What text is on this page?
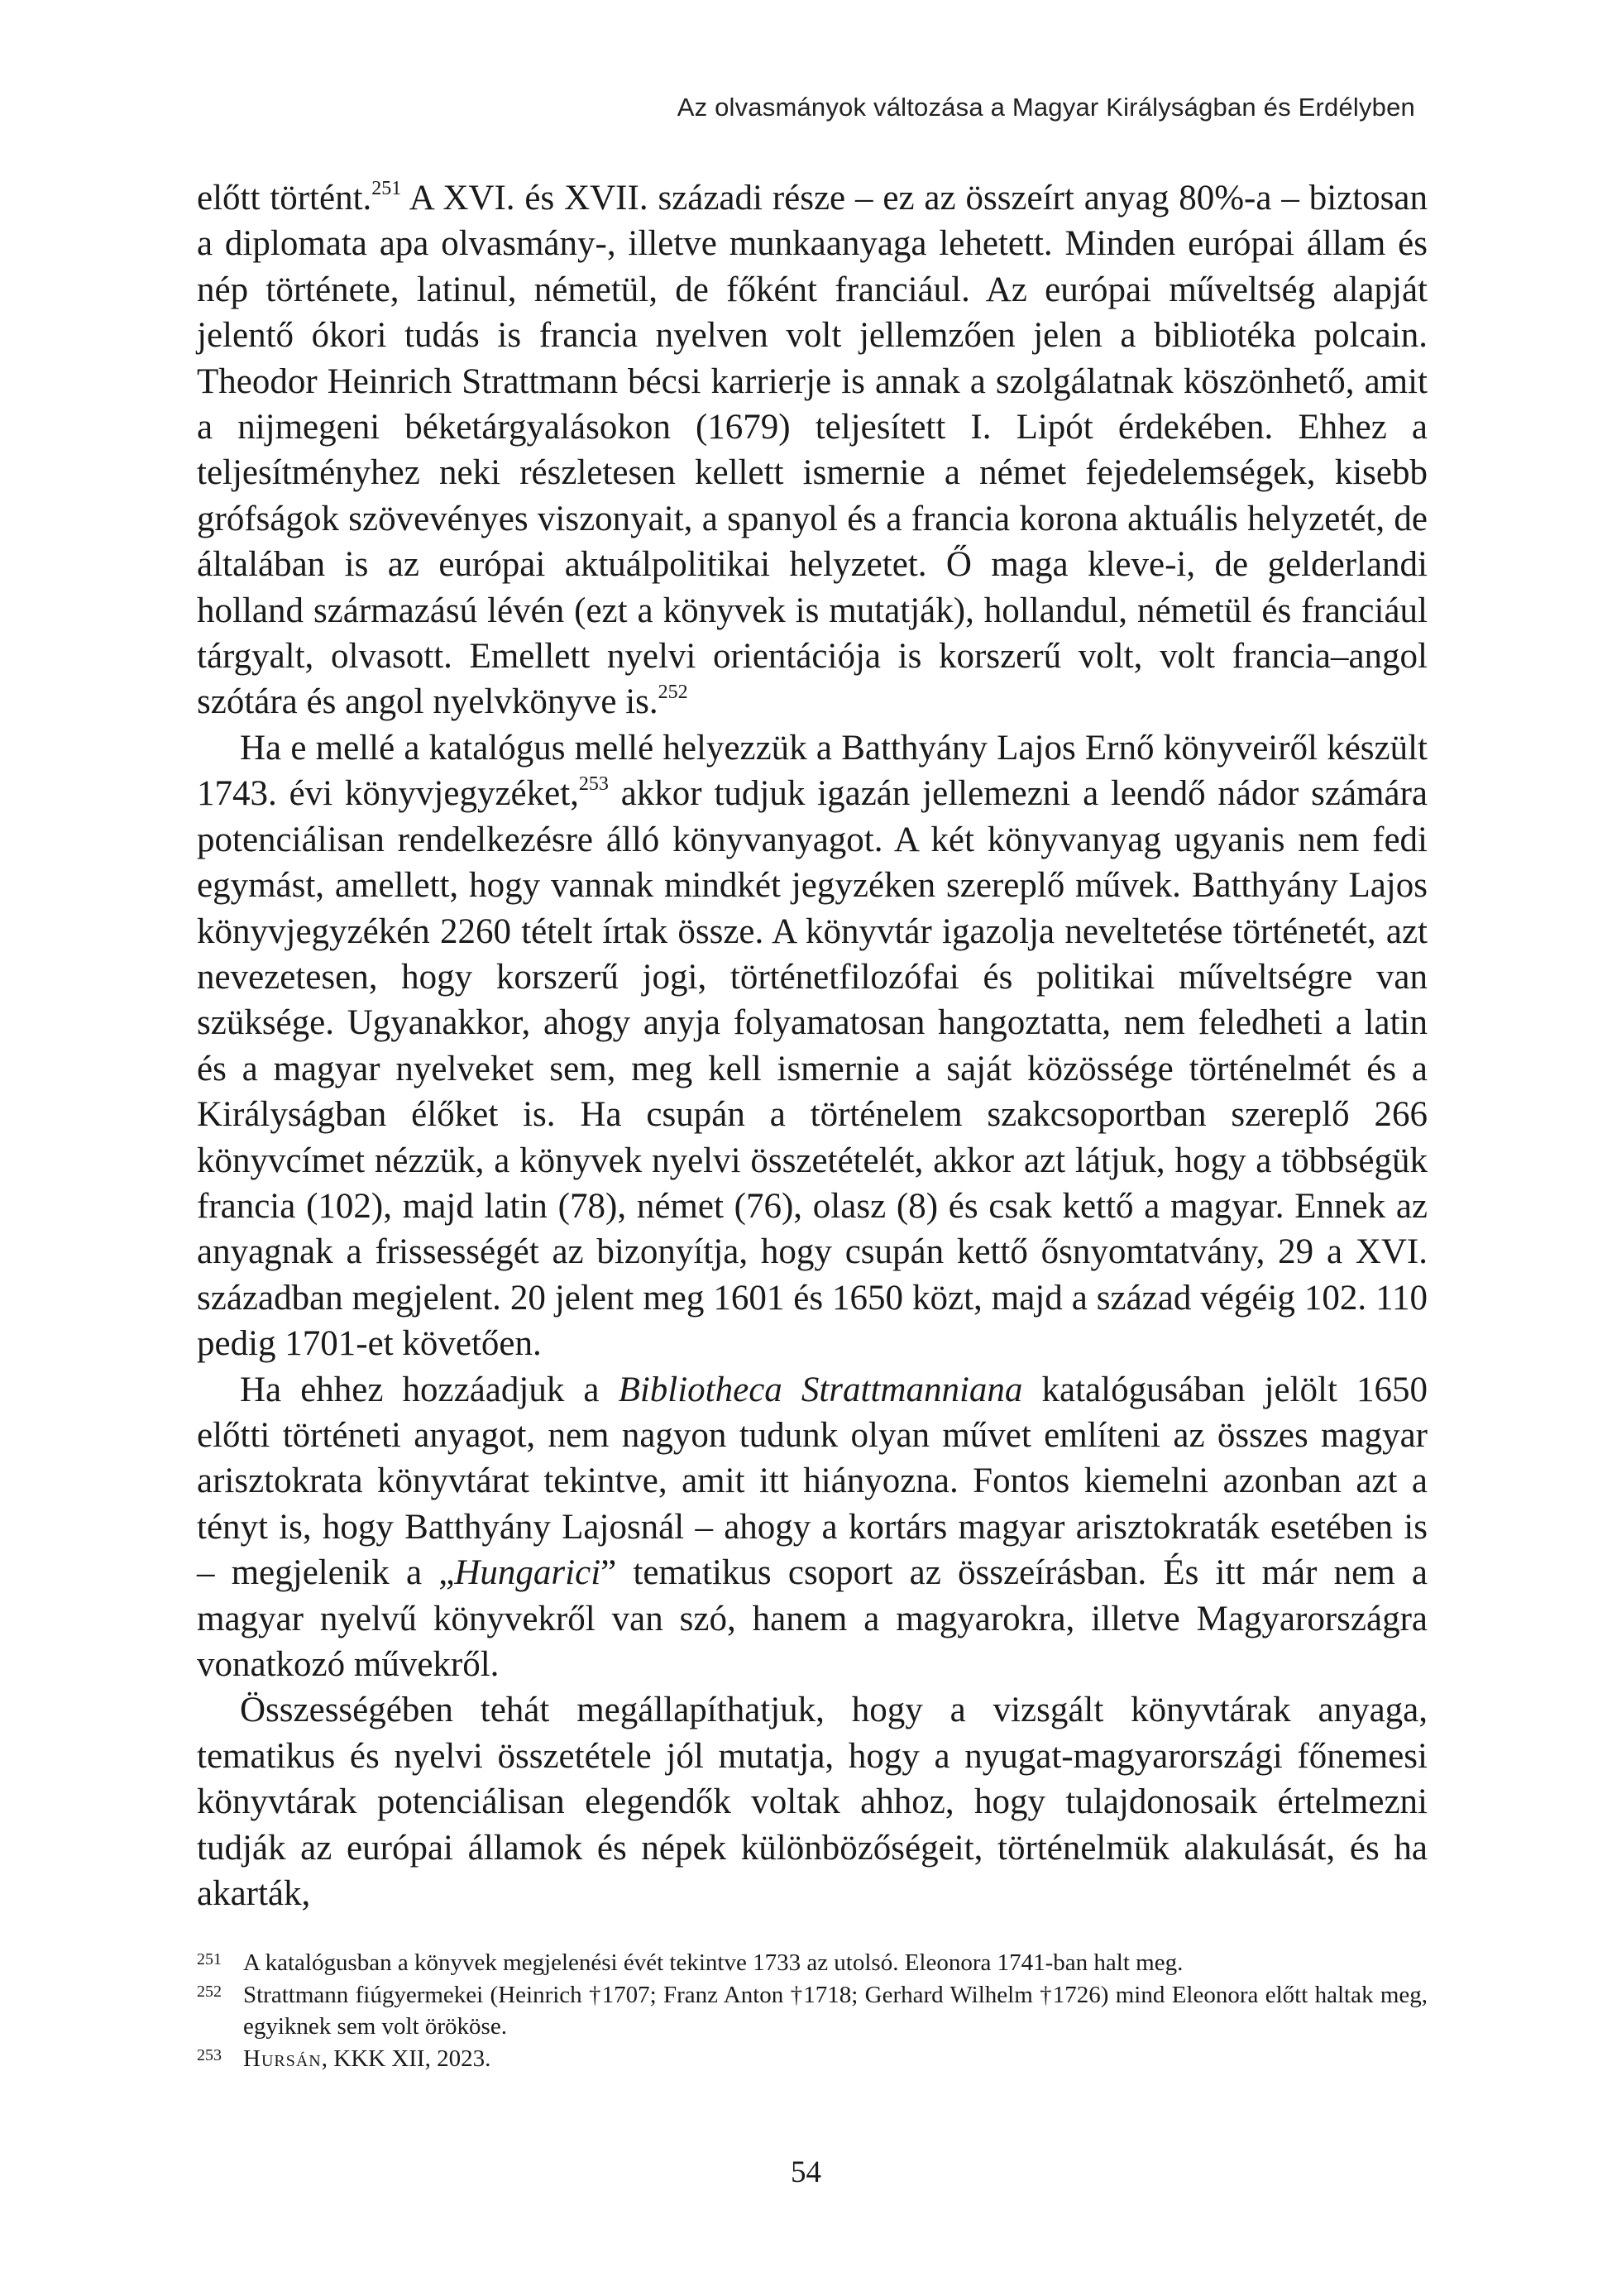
Az olvasmányok változása a Magyar Királyságban és Erdélyben

előtt történt.$^{251}$ A XVI. és XVII. századi része – ez az összeírt anyag 80%-a – biztosan a diplomata apa olvasmány-, illetve munkaanyaga lehetett. Minden európai állam és nép története, latinul, németül, de főként franciául. Az európai műveltség alapját jelentő ókori tudás is francia nyelven volt jellemzően jelen a bibliotéka polcain. Theodor Heinrich Strattmann bécsi karrierje is annak a szolgálatnak köszönhető, amit a nijmegeni béketárgyalásokon (1679) teljesített I. Lipót érdekében. Ehhez a teljesítményhez neki részletesen kellett ismernie a német fejedelemségek, kisebb grófságok szövevényes viszonyait, a spanyol és a francia korona aktuális helyzetét, de általában is az európai aktuálpolitikai helyzetet. Ő maga kleve-i, de gelderlandi holland származású lévén (ezt a könyvek is mutatják), hollandul, németül és franciául tárgyalt, olvasott. Emellett nyelvi orientációja is korszerű volt, volt francia–angol szótára és angol nyelvkönyve is.$^{252}$

Ha e mellé a katalógus mellé helyezzük a Batthyány Lajos Ernő könyveiről készült 1743. évi könyvjegyzéket,$^{253}$ akkor tudjuk igazán jellemezni a leendő nádor számára potenciálisan rendelkezésre álló könyvanyagot. A két könyvanyag ugyanis nem fedi egymást, amellett, hogy vannak mindkét jegyzéken szereplő művek. Batthyány Lajos könyvjegyzékén 2260 tételt írtak össze. A könyvtár igazolja neveltetése történetét, azt nevezetesen, hogy korszerű jogi, történetfilozófai és politikai műveltségre van szüksége. Ugyanakkor, ahogy anyja folyamatosan hangoztatta, nem feledheti a latin és a magyar nyelveket sem, meg kell ismernie a saját közössége történelmét és a Királyságban élőket is. Ha csupán a történelem szakcsoportban szereplő 266 könyvcímet nézzük, a könyvek nyelvi összetételét, akkor azt látjuk, hogy a többségük francia (102), majd latin (78), német (76), olasz (8) és csak kettő a magyar. Ennek az anyagnak a frissességét az bizonyítja, hogy csupán kettő ősnyomtatvány, 29 a XVI. században megjelent. 20 jelent meg 1601 és 1650 közt, majd a század végéig 102. 110 pedig 1701-et követően.

Ha ehhez hozzáadjuk a Bibliotheca Strattmanniana katalógusában jelölt 1650 előtti történeti anyagot, nem nagyon tudunk olyan művet említeni az összes magyar arisztokrata könyvtárat tekintve, amit itt hiányozna. Fontos kiemelni azonban azt a tényt is, hogy Batthyány Lajosnál – ahogy a kortárs magyar arisztokraták esetében is – megjelenik a „Hungarici” tematikus csoport az összeírásban. És itt már nem a magyar nyelvű könyvekről van szó, hanem a magyarokra, illetve Magyarországra vonatkozó művekről.

Összességében tehát megállapíthatjuk, hogy a vizsgált könyvtárak anyaga, tematikus és nyelvi összetétele jól mutatja, hogy a nyugat-magyarországi főnemesi könyvtárak potenciálisan elegendők voltak ahhoz, hogy tulajdonosaik értelmezni tudják az európai államok és népek különbözőségeit, történelmük alakulását, és ha akarták,

251 A katalógusban a könyvek megjelenési évét tekintve 1733 az utolsó. Eleonora 1741-ban halt meg.
252 Strattmann fiúgyermekei (Heinrich †1707; Franz Anton †1718; Gerhard Wilhelm †1726) mind Eleonora előtt haltak meg, egyiknek sem volt örököse.
253 Hursán, KKK XII, 2023.
54
